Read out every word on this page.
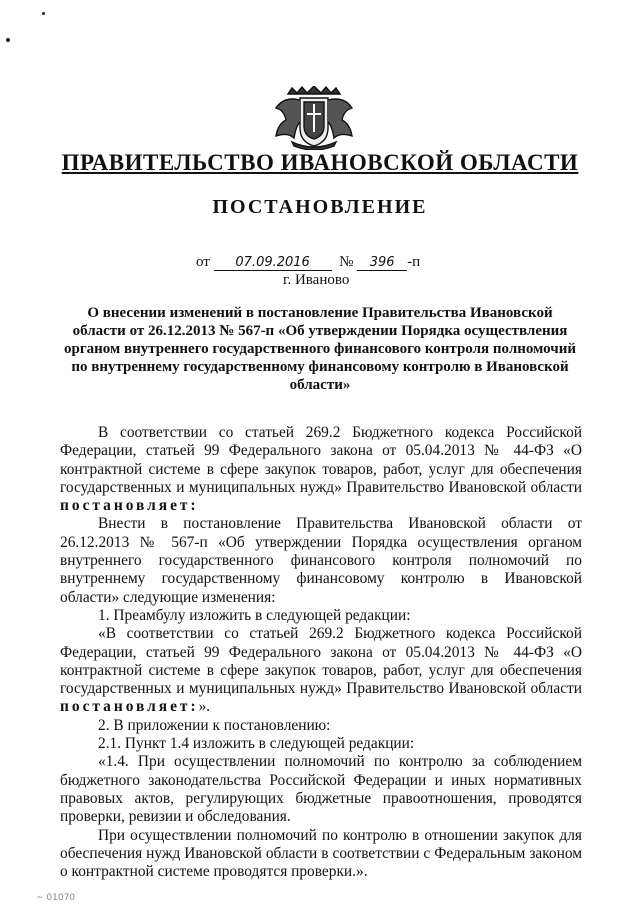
ПРАВИТЕЛЬСТВО ИВАНОВСКОЙ ОБЛАСТИ
ПОСТАНОВЛЕНИЕ
от 07.09.2016 № 396 -п
г. Иваново
О внесении изменений в постановление Правительства Ивановской области от 26.12.2013 № 567-п «Об утверждении Порядка осуществления органом внутреннего государственного финансового контроля полномочий по внутреннему государственному финансовому контролю в Ивановской области»

В соответствии со статьей 269.2 Бюджетного кодекса Российской Федерации, статьей 99 Федерального закона от 05.04.2013 № 44-ФЗ «О контрактной системе в сфере закупок товаров, работ, услуг для обеспечения государственных и муниципальных нужд» Правительство Ивановской области постановляет:

Внести в постановление Правительства Ивановской области от 26.12.2013 № 567-п «Об утверждении Порядка осуществления органом внутреннего государственного финансового контроля полномочий по внутреннему государственному финансовому контролю в Ивановской области» следующие изменения:

1. Преамбулу изложить в следующей редакции:

«В соответствии со статьей 269.2 Бюджетного кодекса Российской Федерации, статьей 99 Федерального закона от 05.04.2013 № 44-ФЗ «О контрактной системе в сфере закупок товаров, работ, услуг для обеспечения государственных и муниципальных нужд» Правительство Ивановской области постановляет:».

2. В приложении к постановлению:

2.1. Пункт 1.4 изложить в следующей редакции:

«1.4. При осуществлении полномочий по контролю за соблюдением бюджетного законодательства Российской Федерации и иных нормативных правовых актов, регулирующих бюджетные правоотношения, проводятся проверки, ревизии и обследования.

При осуществлении полномочий по контролю в отношении закупок для обеспечения нужд Ивановской области в соответствии с Федеральным законом о контрактной системе проводятся проверки.».

~ 01070
